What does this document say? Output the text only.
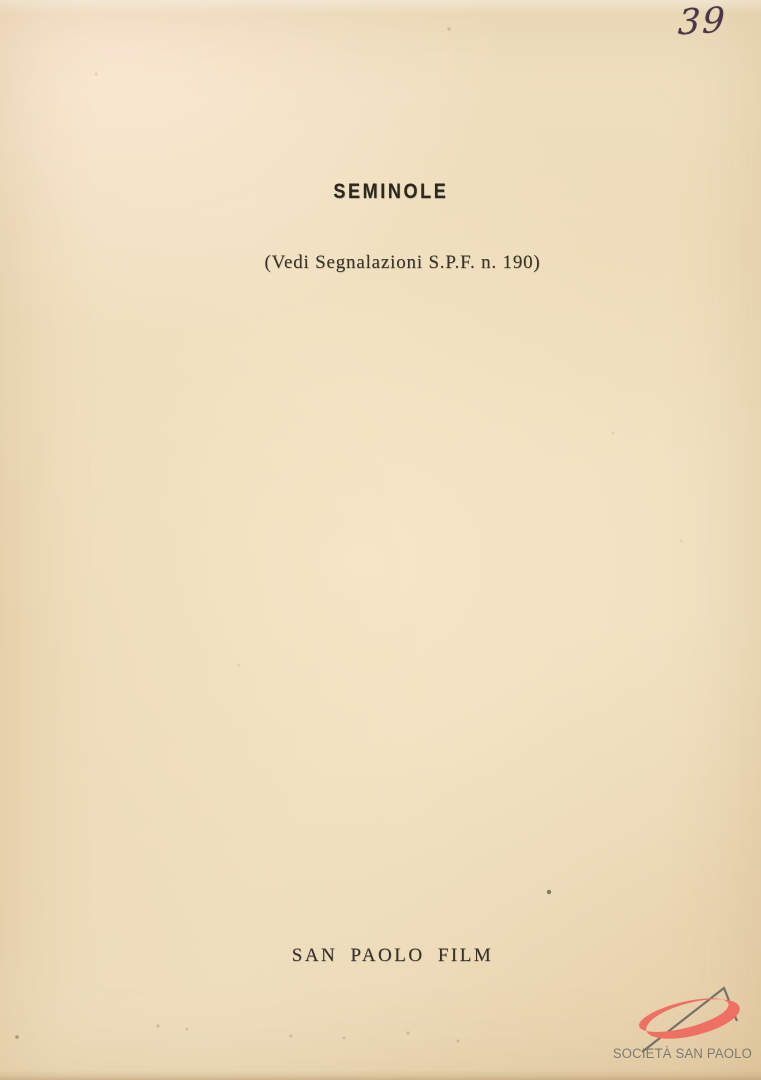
39
SEMINOLE
(Vedi Segnalazioni S.P.F. n. 190)
SAN PAOLO FILM
SOCIETÀ SAN PAOLO
